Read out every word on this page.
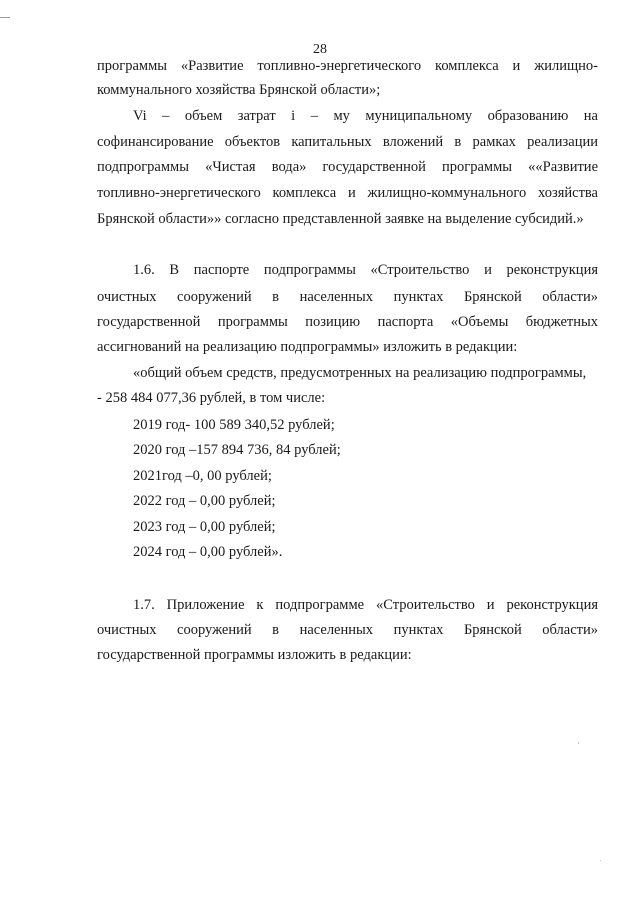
28
программы «Развитие топливно-энергетического комплекса и жилищно-
коммунального хозяйства Брянской области»;
Vi – объем затрат i – му муниципальному образованию на
софинансирование объектов капитальных вложений в рамках реализации
подпрограммы «Чистая вода» государственной программы ««Развитие
топливно-энергетического комплекса и жилищно-коммунального хозяйства
Брянской области»» согласно представленной заявке на выделение субсидий.»
1.6. В паспорте подпрограммы «Строительство и реконструкция
очистных сооружений в населенных пунктах Брянской области»
государственной программы позицию паспорта «Объемы бюджетных
ассигнований на реализацию подпрограммы» изложить в редакции:
«общий объем средств, предусмотренных на реализацию подпрограммы,
- 258 484 077,36 рублей, в том числе:
2019 год- 100 589 340,52 рублей;
2020 год –157 894 736, 84 рублей;
2021год –0, 00 рублей;
2022 год – 0,00 рублей;
2023 год – 0,00 рублей;
2024 год – 0,00 рублей».
1.7. Приложение к подпрограмме «Строительство и реконструкция
очистных сооружений в населенных пунктах Брянской области»
государственной программы изложить в редакции:
